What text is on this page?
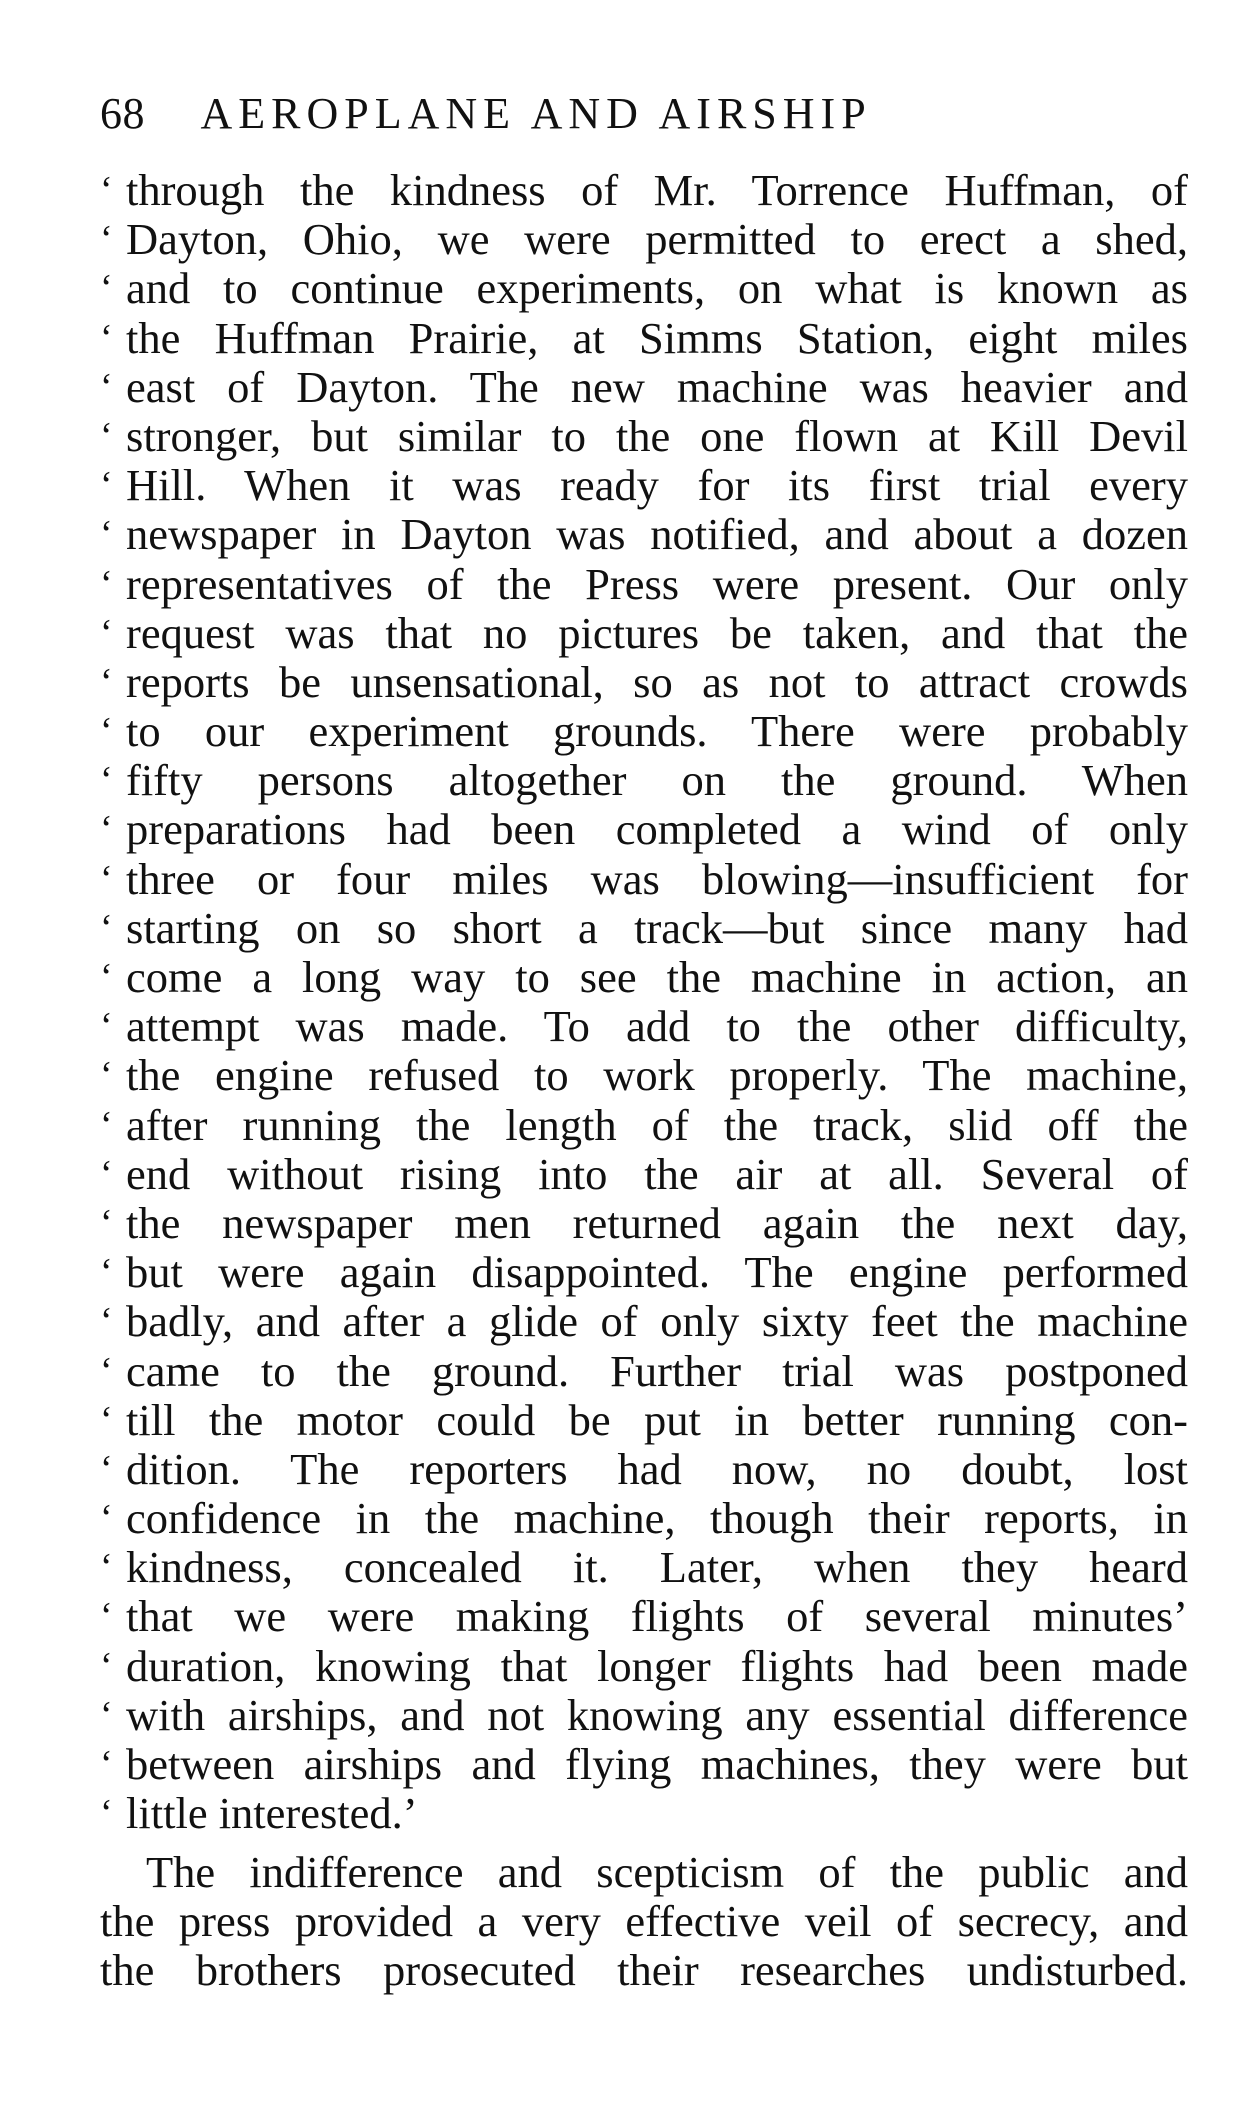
68 AEROPLANE AND AIRSHIP
‘ through the kindness of Mr. Torrence Huffman, of
‘ Dayton, Ohio, we were permitted to erect a shed,
‘ and to continue experiments, on what is known as
‘ the Huffman Prairie, at Simms Station, eight miles
‘ east of Dayton. The new machine was heavier and
‘ stronger, but similar to the one flown at Kill Devil
‘ Hill. When it was ready for its first trial every
‘ newspaper in Dayton was notified, and about a dozen
‘ representatives of the Press were present. Our only
‘ request was that no pictures be taken, and that the
‘ reports be unsensational, so as not to attract crowds
‘ to our experiment grounds. There were probably
‘ fifty persons altogether on the ground. When
‘ preparations had been completed a wind of only
‘ three or four miles was blowing—insufficient for
‘ starting on so short a track—but since many had
‘ come a long way to see the machine in action, an
‘ attempt was made. To add to the other difficulty,
‘ the engine refused to work properly. The machine,
‘ after running the length of the track, slid off the
‘ end without rising into the air at all. Several of
‘ the newspaper men returned again the next day,
‘ but were again disappointed. The engine performed
‘ badly, and after a glide of only sixty feet the machine
‘ came to the ground. Further trial was postponed
‘ till the motor could be put in better running con-
‘ dition. The reporters had now, no doubt, lost
‘ confidence in the machine, though their reports, in
‘ kindness, concealed it. Later, when they heard
‘ that we were making flights of several minutes’
‘ duration, knowing that longer flights had been made
‘ with airships, and not knowing any essential difference
‘ between airships and flying machines, they were but
‘ little interested.’
The indifference and scepticism of the public and
the press provided a very effective veil of secrecy, and
the brothers prosecuted their researches undisturbed.
